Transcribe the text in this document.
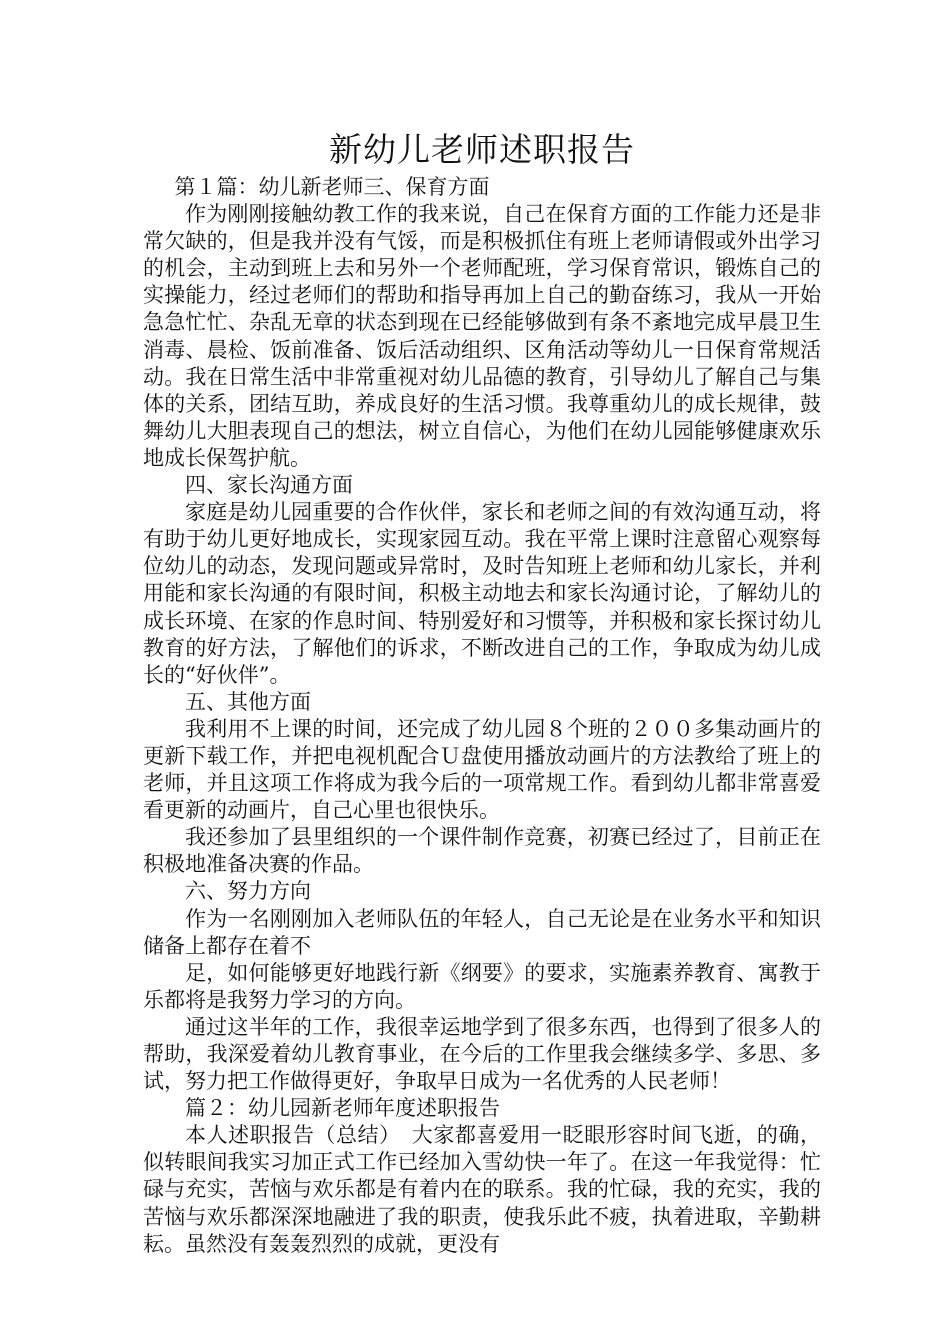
新幼儿老师述职报告

第１篇：幼儿新老师三、保育方面

作为刚刚接触幼教工作的我来说，自己在保育方面的工作能力还是非常欠缺的，但是我并没有气馁，而是积极抓住有班上老师请假或外出学习的机会，主动到班上去和另外一个老师配班，学习保育常识，锻炼自己的实操能力，经过老师们的帮助和指导再加上自己的勤奋练习，我从一开始急急忙忙、杂乱无章的状态到现在已经能够做到有条不紊地完成早晨卫生消毒、晨检、饭前准备、饭后活动组织、区角活动等幼儿一日保育常规活动。我在日常生活中非常重视对幼儿品德的教育，引导幼儿了解自己与集体的关系，团结互助，养成良好的生活习惯。我尊重幼儿的成长规律，鼓舞幼儿大胆表现自己的想法，树立自信心，为他们在幼儿园能够健康欢乐地成长保驾护航。

四、家长沟通方面

家庭是幼儿园重要的合作伙伴，家长和老师之间的有效沟通互动，将有助于幼儿更好地成长，实现家园互动。我在平常上课时注意留心观察每位幼儿的动态，发现问题或异常时，及时告知班上老师和幼儿家长，并利用能和家长沟通的有限时间，积极主动地去和家长沟通讨论，了解幼儿的成长环境、在家的作息时间、特别爱好和习惯等，并积极和家长探讨幼儿教育的好方法，了解他们的诉求，不断改进自己的工作，争取成为幼儿成长的“好伙伴”。

五、其他方面

我利用不上课的时间，还完成了幼儿园８个班的２００多集动画片的更新下载工作，并把电视机配合Ｕ盘使用播放动画片的方法教给了班上的老师，并且这项工作将成为我今后的一项常规工作。看到幼儿都非常喜爱看更新的动画片，自己心里也很快乐。

我还参加了县里组织的一个课件制作竞赛，初赛已经过了，目前正在积极地准备决赛的作品。

六、努力方向

作为一名刚刚加入老师队伍的年轻人，自己无论是在业务水平和知识储备上都存在着不

足，如何能够更好地践行新《纲要》的要求，实施素养教育、寓教于乐都将是我努力学习的方向。

通过这半年的工作，我很幸运地学到了很多东西，也得到了很多人的帮助，我深爱着幼儿教育事业，在今后的工作里我会继续多学、多思、多试，努力把工作做得更好，争取早日成为一名优秀的人民老师！

篇２：幼儿园新老师年度述职报告

本人述职报告（总结）　大家都喜爱用一眨眼形容时间飞逝，的确，似转眼间我实习加正式工作已经加入雪幼快一年了。在这一年我觉得：忙碌与充实，苦恼与欢乐都是有着内在的联系。我的忙碌，我的充实，我的苦恼与欢乐都深深地融进了我的职责，使我乐此不疲，执着进取，辛勤耕耘。虽然没有轰轰烈烈的成就，更没有
